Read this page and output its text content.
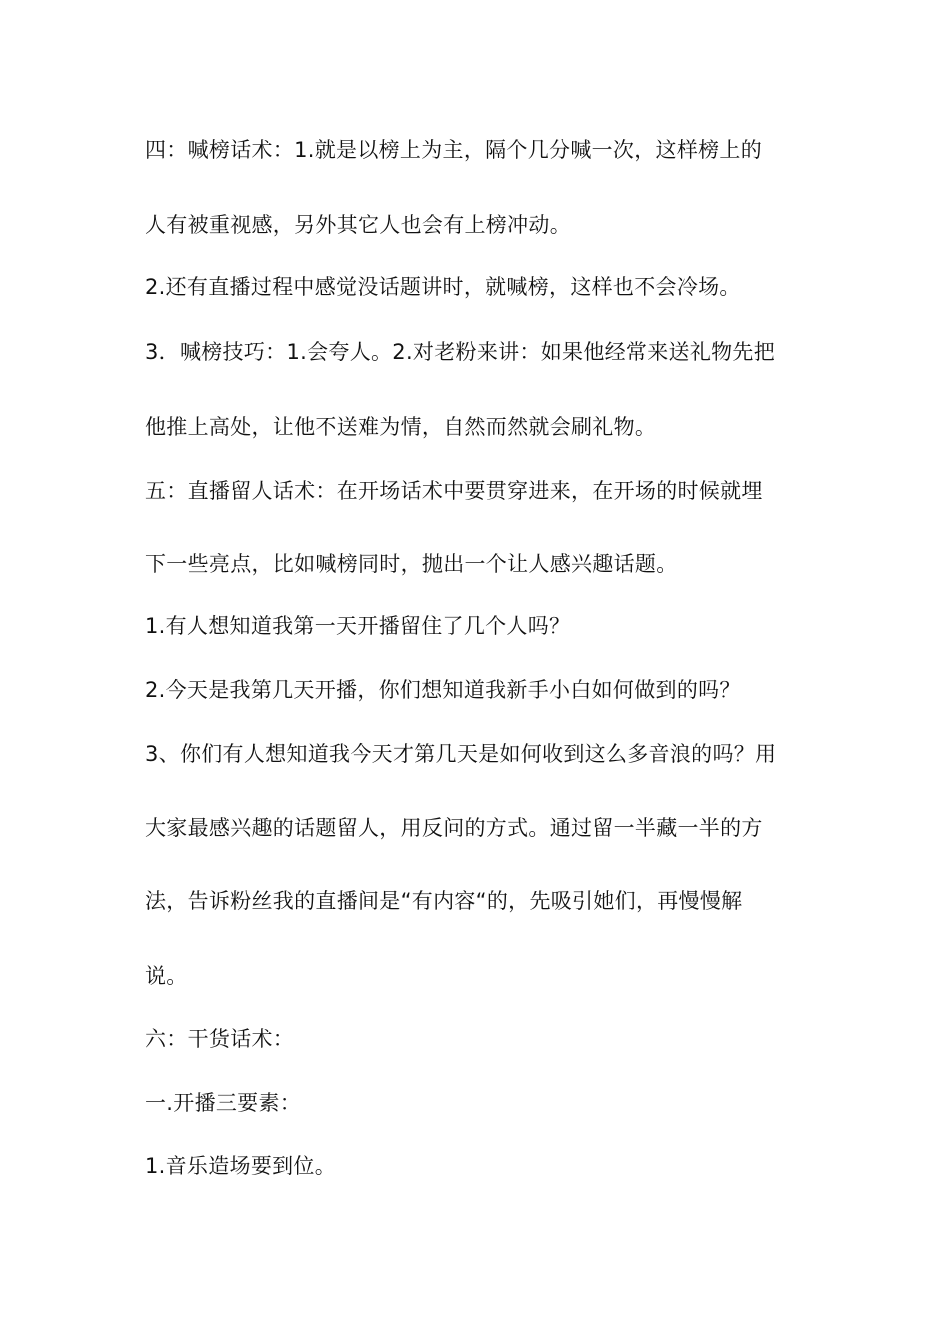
四：喊榜话术：1.就是以榜上为主，隔个几分喊一次，这样榜上的
人有被重视感，另外其它人也会有上榜冲动。
2.还有直播过程中感觉没话题讲时，就喊榜，这样也不会冷场。
3．喊榜技巧：1.会夸人。2.对老粉来讲：如果他经常来送礼物先把
他推上高处，让他不送难为情，自然而然就会刷礼物。
五：直播留人话术：在开场话术中要贯穿进来，在开场的时候就埋
下一些亮点，比如喊榜同时，抛出一个让人感兴趣话题。
1.有人想知道我第一天开播留住了几个人吗？
2.今天是我第几天开播，你们想知道我新手小白如何做到的吗？
3、你们有人想知道我今天才第几天是如何收到这么多音浪的吗？用
大家最感兴趣的话题留人，用反问的方式。通过留一半藏一半的方
法，告诉粉丝我的直播间是“有内容“的，先吸引她们，再慢慢解
说。
六：干货话术：
一.开播三要素：
1.音乐造场要到位。
